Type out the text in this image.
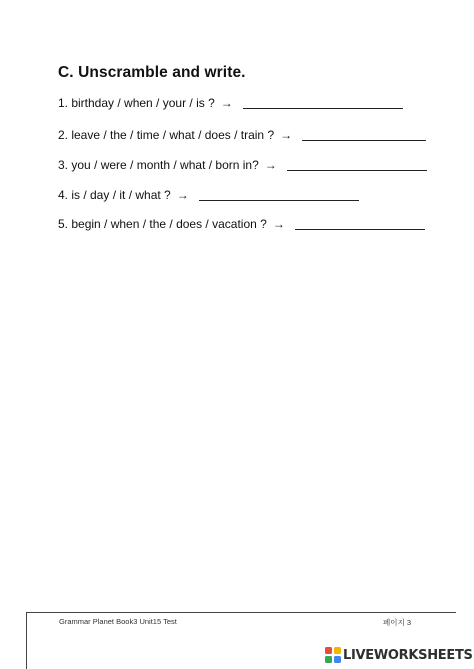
C. Unscramble and write.
1. birthday / when / your / is ? →
2. leave / the / time / what / does / train ? →
3. you / were / month / what / born in? →
4. is / day / it / what ? →
5. begin / when / the / does / vacation ? →
Grammar Planet Book3 Unit15 Test	페이지 3
LIVEWORKSHEETS
